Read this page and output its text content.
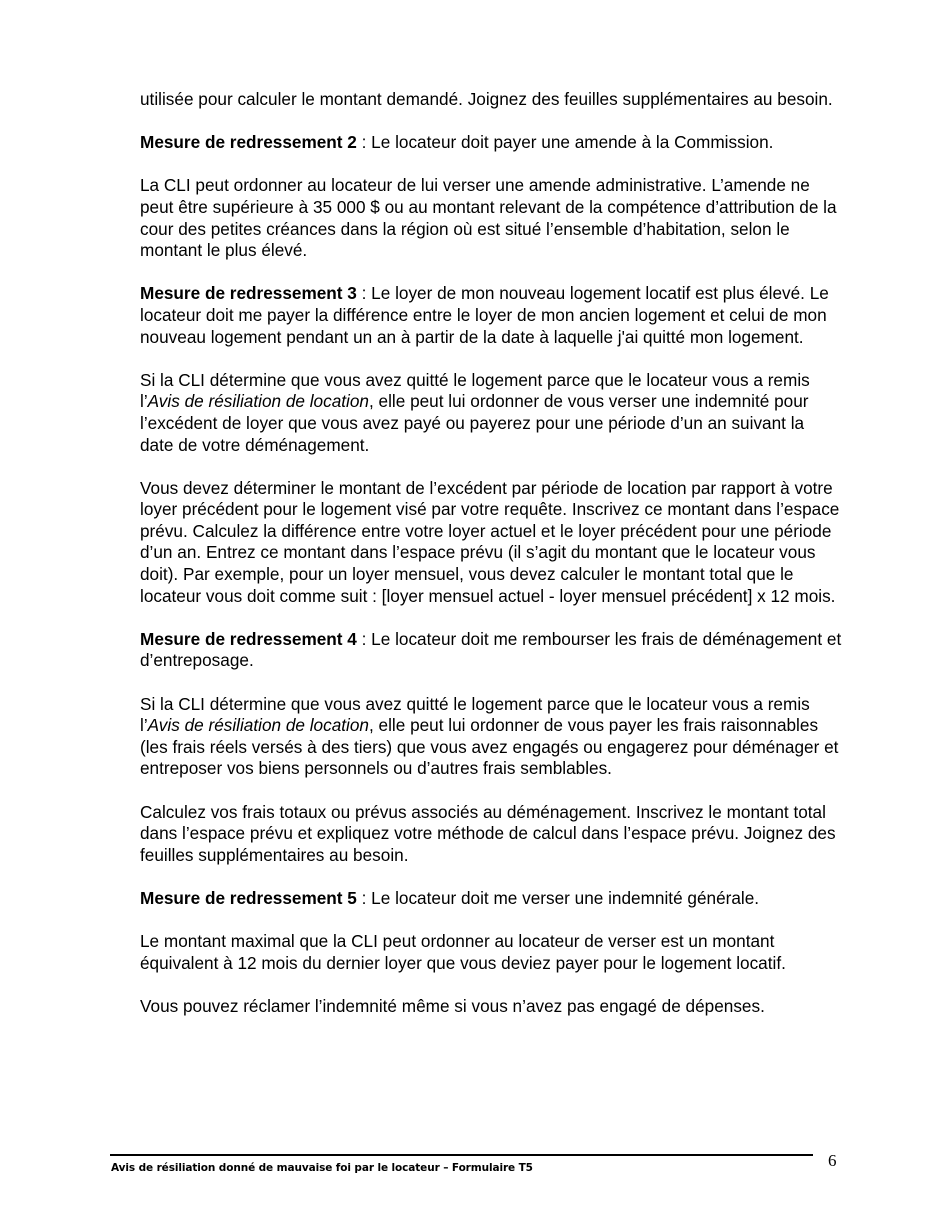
utilisée pour calculer le montant demandé. Joignez des feuilles supplémentaires au besoin.

Mesure de redressement 2 : Le locateur doit payer une amende à la Commission.

La CLI peut ordonner au locateur de lui verser une amende administrative. L’amende ne peut être supérieure à 35 000 $ ou au montant relevant de la compétence d’attribution de la cour des petites créances dans la région où est situé l’ensemble d’habitation, selon le montant le plus élevé.

Mesure de redressement 3 : Le loyer de mon nouveau logement locatif est plus élevé. Le locateur doit me payer la différence entre le loyer de mon ancien logement et celui de mon nouveau logement pendant un an à partir de la date à laquelle j'ai quitté mon logement.

Si la CLI détermine que vous avez quitté le logement parce que le locateur vous a remis l’Avis de résiliation de location, elle peut lui ordonner de vous verser une indemnité pour l’excédent de loyer que vous avez payé ou payerez pour une période d’un an suivant la date de votre déménagement.

Vous devez déterminer le montant de l’excédent par période de location par rapport à votre loyer précédent pour le logement visé par votre requête. Inscrivez ce montant dans l’espace prévu. Calculez la différence entre votre loyer actuel et le loyer précédent pour une période d’un an. Entrez ce montant dans l’espace prévu (il s’agit du montant que le locateur vous doit). Par exemple, pour un loyer mensuel, vous devez calculer le montant total que le locateur vous doit comme suit : [loyer mensuel actuel - loyer mensuel précédent] x 12 mois.

Mesure de redressement 4 : Le locateur doit me rembourser les frais de déménagement et d’entreposage.

Si la CLI détermine que vous avez quitté le logement parce que le locateur vous a remis l’Avis de résiliation de location, elle peut lui ordonner de vous payer les frais raisonnables (les frais réels versés à des tiers) que vous avez engagés ou engagerez pour déménager et entreposer vos biens personnels ou d’autres frais semblables.

Calculez vos frais totaux ou prévus associés au déménagement. Inscrivez le montant total dans l’espace prévu et expliquez votre méthode de calcul dans l’espace prévu. Joignez des feuilles supplémentaires au besoin.

Mesure de redressement 5 : Le locateur doit me verser une indemnité générale.

Le montant maximal que la CLI peut ordonner au locateur de verser est un montant équivalent à 12 mois du dernier loyer que vous deviez payer pour le logement locatif.

Vous pouvez réclamer l’indemnité même si vous n’avez pas engagé de dépenses.

6
Avis de résiliation donné de mauvaise foi par le locateur – Formulaire T5
